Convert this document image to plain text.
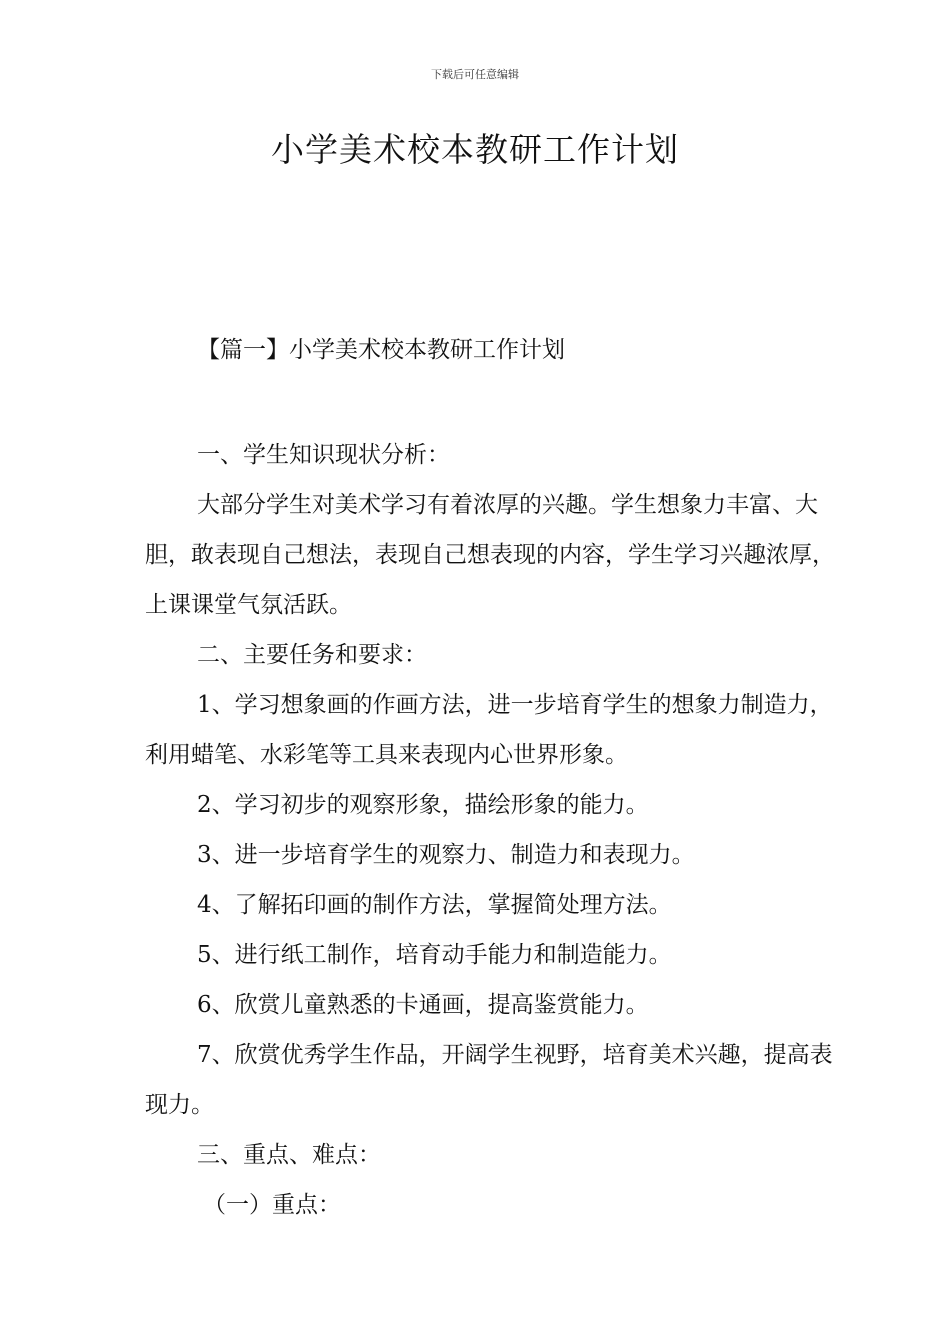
下载后可任意编辑
小学美术校本教研工作计划
【篇一】小学美术校本教研工作计划

一、学生知识现状分析：

大部分学生对美术学习有着浓厚的兴趣。学生想象力丰富、大胆，敢表现自己想法，表现自己想表现的内容，学生学习兴趣浓厚，上课课堂气氛活跃。

二、主要任务和要求：

1、学习想象画的作画方法，进一步培育学生的想象力制造力，利用蜡笔、水彩笔等工具来表现内心世界形象。

2、学习初步的观察形象，描绘形象的能力。

3、进一步培育学生的观察力、制造力和表现力。

4、了解拓印画的制作方法，掌握简处理方法。

5、进行纸工制作，培育动手能力和制造能力。

6、欣赏儿童熟悉的卡通画，提高鉴赏能力。

7、欣赏优秀学生作品，开阔学生视野，培育美术兴趣，提高表现力。

三、重点、难点：

（一）重点：
